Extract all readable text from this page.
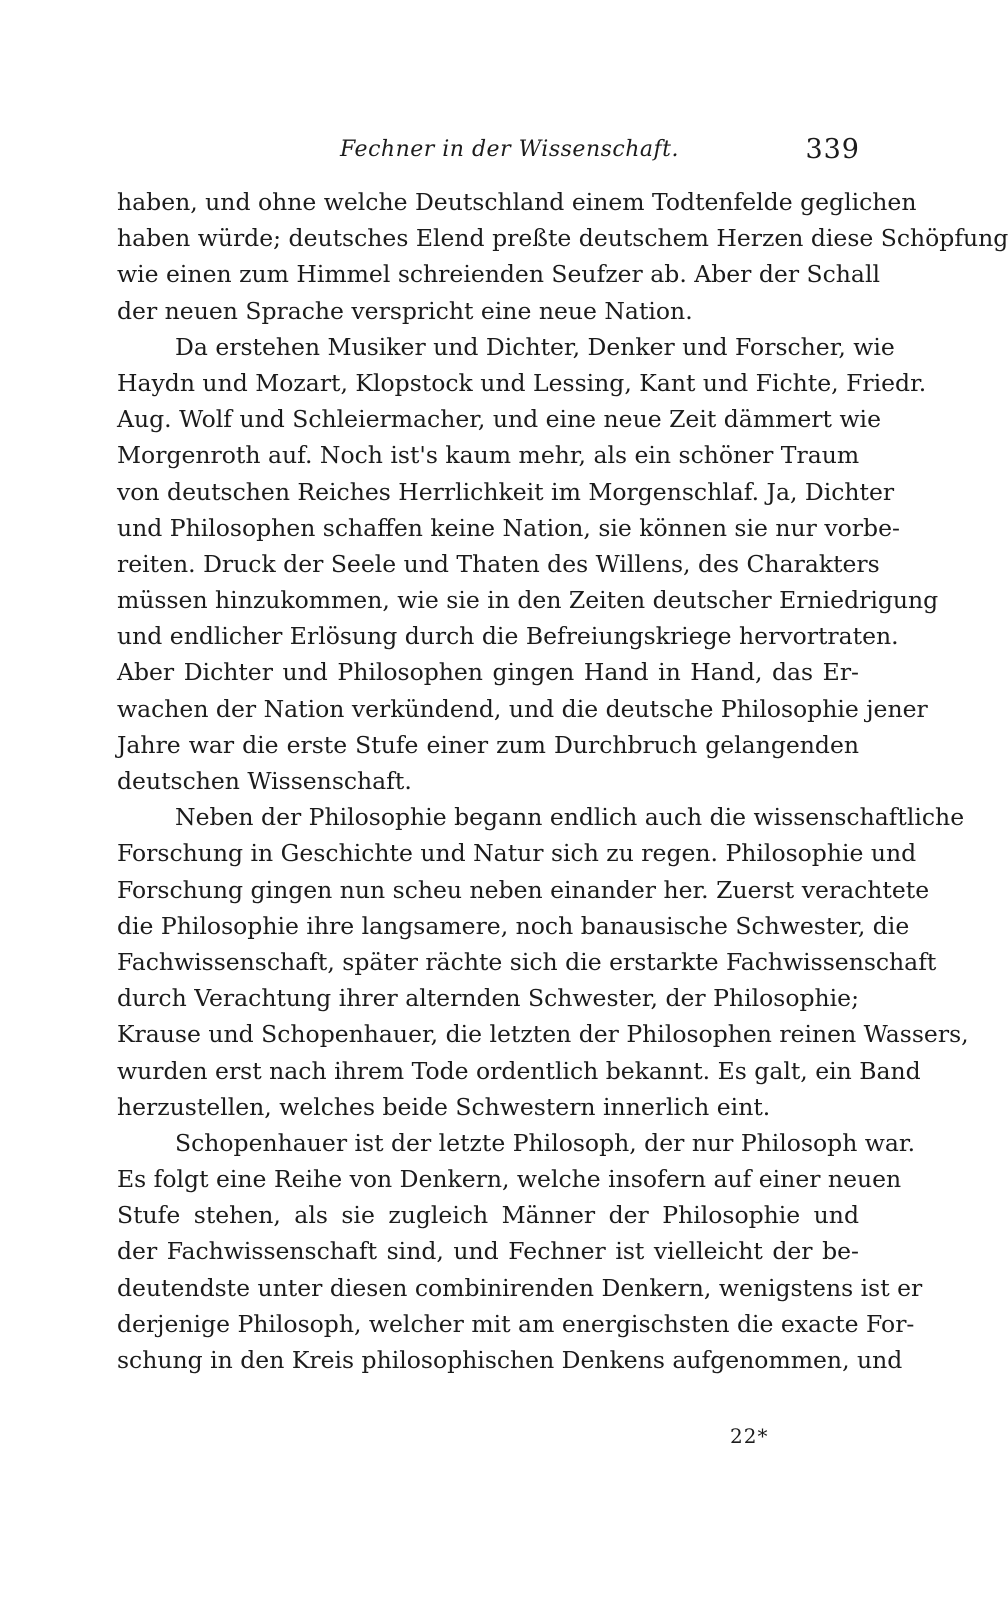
Fechner in der Wissenschaft.	339
haben, und ohne welche Deutschland einem Todtenfelde geglichen
haben würde; deutsches Elend preßte deutschem Herzen diese Schöpfung
wie einen zum Himmel schreienden Seufzer ab. Aber der Schall
der neuen Sprache verspricht eine neue Nation.
Da erstehen Musiker und Dichter, Denker und Forscher, wie
Haydn und Mozart, Klopstock und Lessing, Kant und Fichte, Friedr.
Aug. Wolf und Schleiermacher, und eine neue Zeit dämmert wie
Morgenroth auf. Noch ist's kaum mehr, als ein schöner Traum
von deutschen Reiches Herrlichkeit im Morgenschlaf. Ja, Dichter
und Philosophen schaffen keine Nation, sie können sie nur vorbe-
reiten. Druck der Seele und Thaten des Willens, des Charakters
müssen hinzukommen, wie sie in den Zeiten deutscher Erniedrigung
und endlicher Erlösung durch die Befreiungskriege hervortraten.
Aber Dichter und Philosophen gingen Hand in Hand, das Er-
wachen der Nation verkündend, und die deutsche Philosophie jener
Jahre war die erste Stufe einer zum Durchbruch gelangenden
deutschen Wissenschaft.
Neben der Philosophie begann endlich auch die wissenschaftliche
Forschung in Geschichte und Natur sich zu regen. Philosophie und
Forschung gingen nun scheu neben einander her. Zuerst verachtete
die Philosophie ihre langsamere, noch banausische Schwester, die
Fachwissenschaft, später rächte sich die erstarkte Fachwissenschaft
durch Verachtung ihrer alternden Schwester, der Philosophie;
Krause und Schopenhauer, die letzten der Philosophen reinen Wassers,
wurden erst nach ihrem Tode ordentlich bekannt. Es galt, ein Band
herzustellen, welches beide Schwestern innerlich eint.
Schopenhauer ist der letzte Philosoph, der nur Philosoph war.
Es folgt eine Reihe von Denkern, welche insofern auf einer neuen
Stufe stehen, als sie zugleich Männer der Philosophie und
der Fachwissenschaft sind, und Fechner ist vielleicht der be-
deutendste unter diesen combinirenden Denkern, wenigstens ist er
derjenige Philosoph, welcher mit am energischsten die exacte For-
schung in den Kreis philosophischen Denkens aufgenommen, und
22*
